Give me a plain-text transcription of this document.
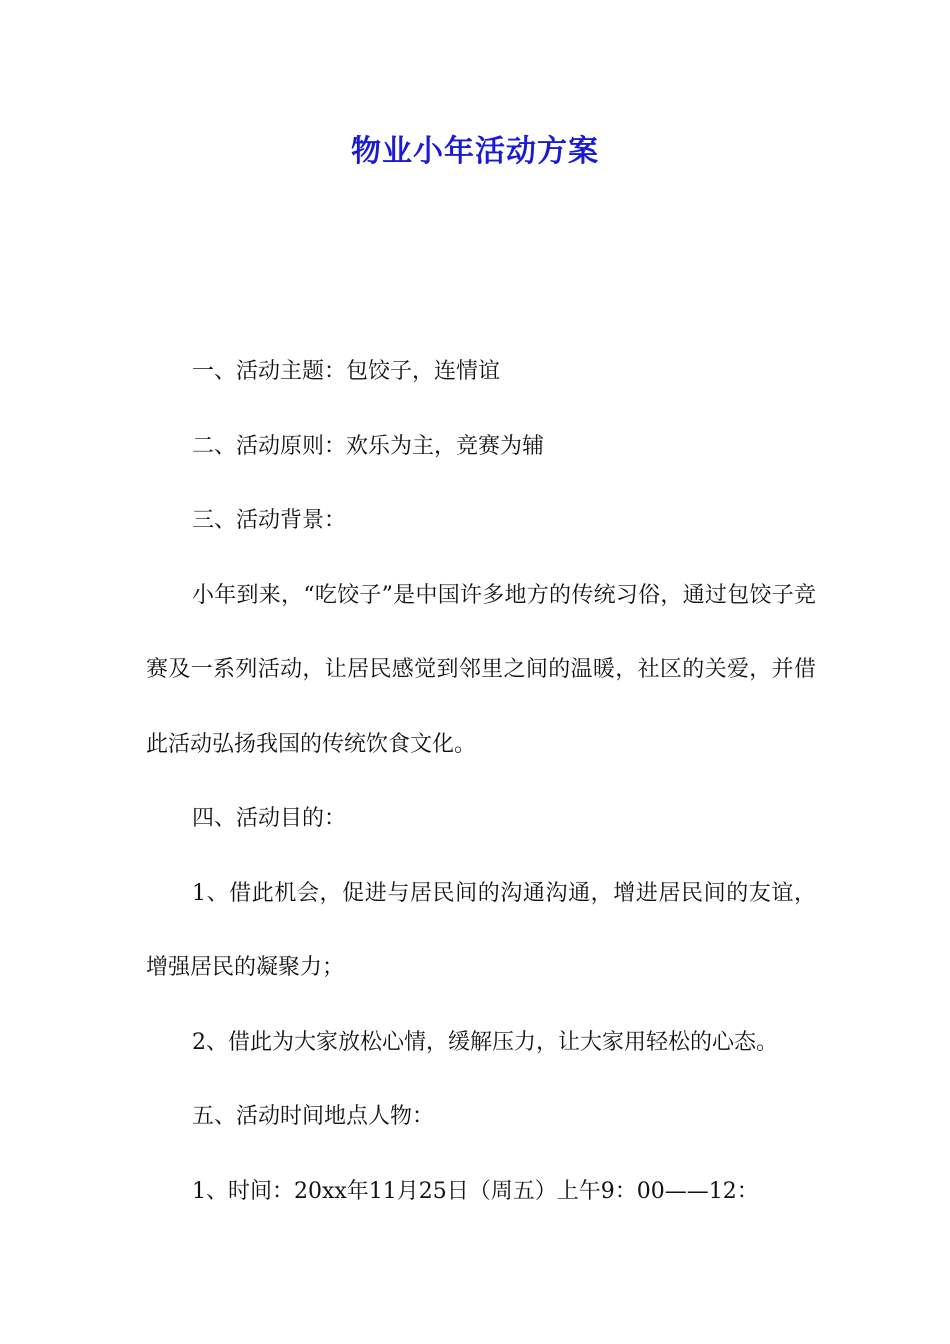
物业小年活动方案

一、活动主题：包饺子，连情谊

二、活动原则：欢乐为主，竞赛为辅

三、活动背景：

小年到来，“吃饺子”是中国许多地方的传统习俗，通过包饺子竞赛及一系列活动，让居民感觉到邻里之间的温暖，社区的关爱，并借此活动弘扬我国的传统饮食文化。

四、活动目的：

1、借此机会，促进与居民间的沟通沟通，增进居民间的友谊，增强居民的凝聚力；

2、借此为大家放松心情，缓解压力，让大家用轻松的心态。

五、活动时间地点人物：

1、时间：20xx年11月25日（周五）上午9：00——12：
